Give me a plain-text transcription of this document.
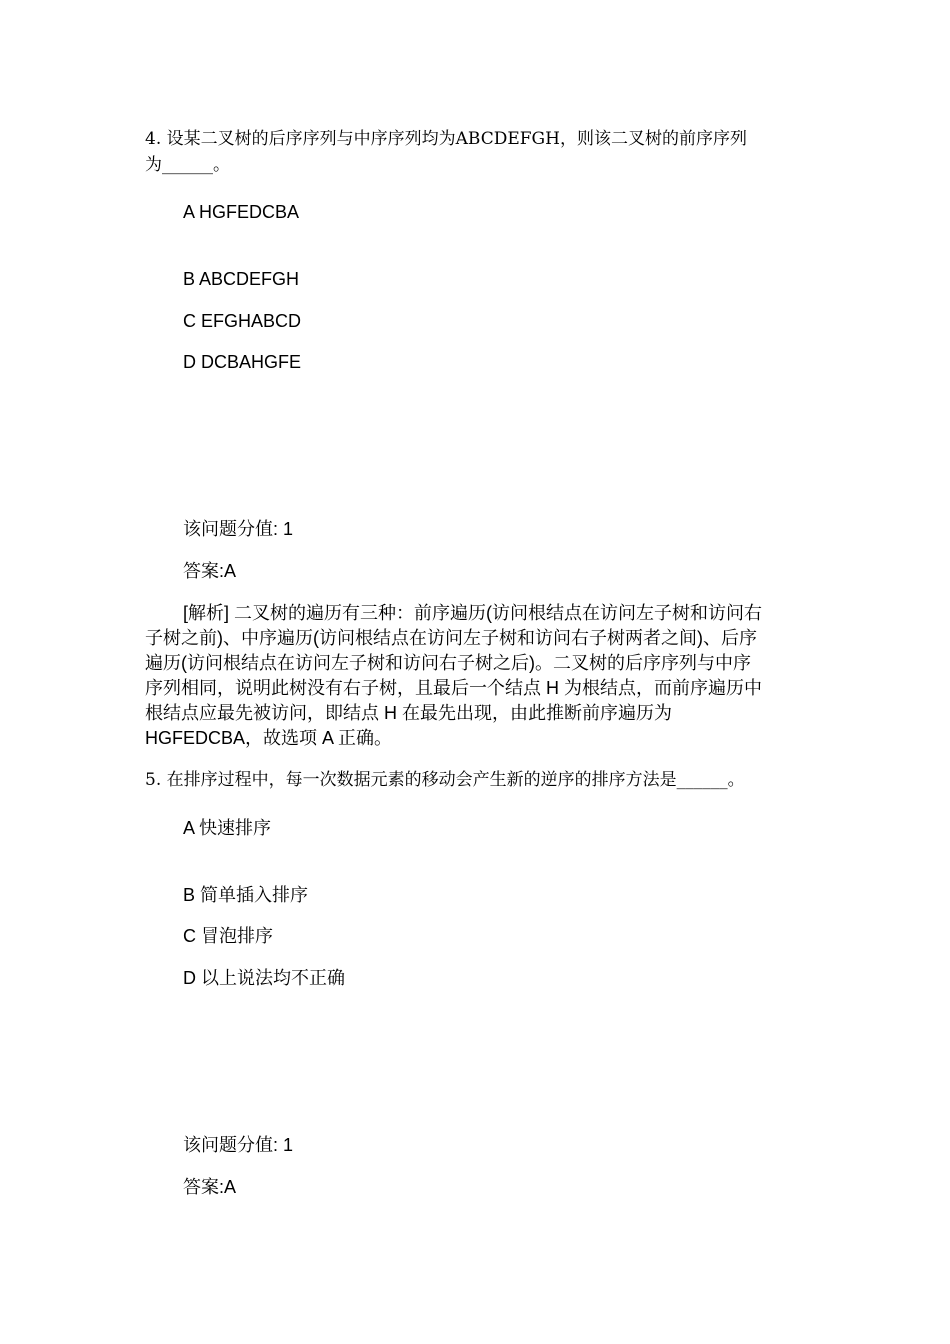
4. 设某二叉树的后序序列与中序序列均为ABCDEFGH，则该二叉树的前序序列
为______。
A HGFEDCBA
B ABCDEFGH
C EFGHABCD
D DCBAHGFE
该问题分值: 1
答案:A
[解析] 二叉树的遍历有三种：前序遍历(访问根结点在访问左子树和访问右
子树之前)、中序遍历(访问根结点在访问左子树和访问右子树两者之间)、后序
遍历(访问根结点在访问左子树和访问右子树之后)。二叉树的后序序列与中序
序列相同，说明此树没有右子树，且最后一个结点 H 为根结点，而前序遍历中
根结点应最先被访问，即结点 H 在最先出现，由此推断前序遍历为
HGFEDCBA，故选项 A 正确。
5. 在排序过程中，每一次数据元素的移动会产生新的逆序的排序方法是______。
A 快速排序
B 简单插入排序
C 冒泡排序
D 以上说法均不正确
该问题分值: 1
答案:A
